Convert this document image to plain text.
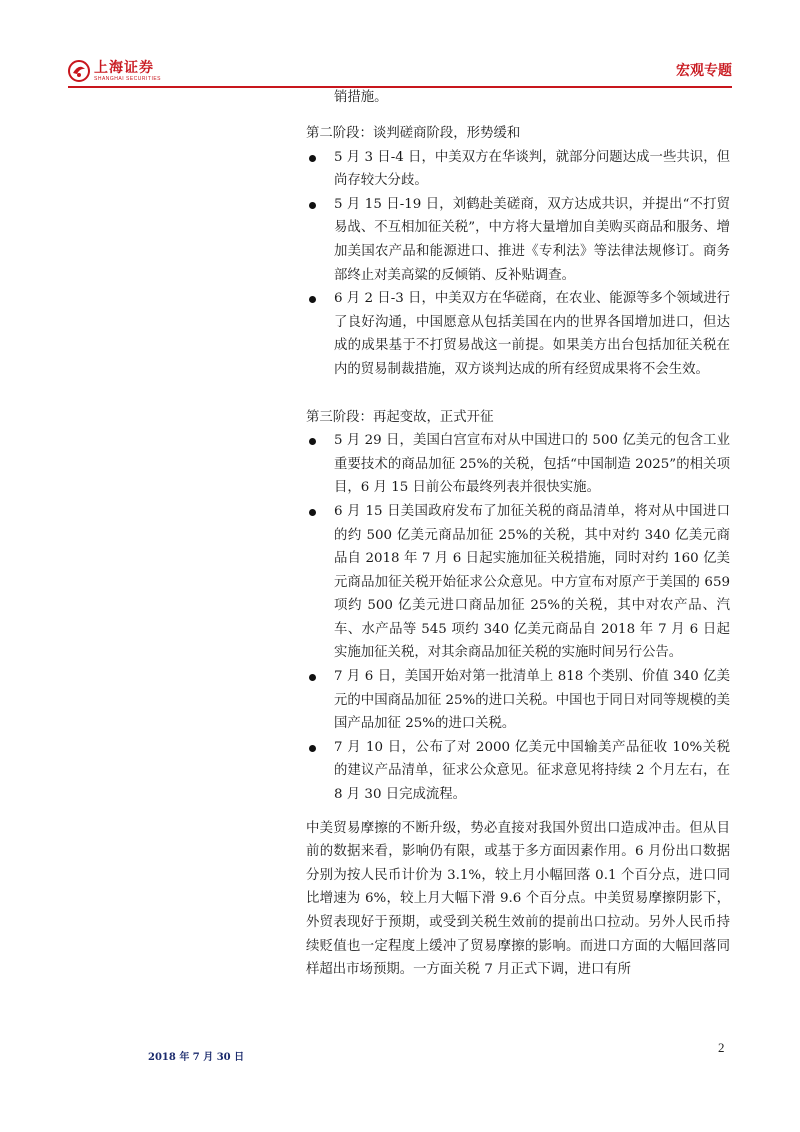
上海证券
SHANGHAI SECURITIES	宏观专题

销措施。

第二阶段：谈判磋商阶段，形势缓和

5 月 3 日-4 日，中美双方在华谈判，就部分问题达成一些共识，但尚存较大分歧。
5 月 15 日-19 日，刘鹤赴美磋商，双方达成共识，并提出“不打贸易战、不互相加征关税”，中方将大量增加自美购买商品和服务、增加美国农产品和能源进口、推进《专利法》等法律法规修订。商务部终止对美高粱的反倾销、反补贴调查。
6 月 2 日-3 日，中美双方在华磋商，在农业、能源等多个领域进行了良好沟通，中国愿意从包括美国在内的世界各国增加进口，但达成的成果基于不打贸易战这一前提。如果美方出台包括加征关税在内的贸易制裁措施，双方谈判达成的所有经贸成果将不会生效。

第三阶段：再起变故，正式开征

5 月 29 日，美国白宫宣布对从中国进口的 500 亿美元的包含工业重要技术的商品加征 25%的关税，包括“中国制造 2025”的相关项目，6 月 15 日前公布最终列表并很快实施。
6 月 15 日美国政府发布了加征关税的商品清单，将对从中国进口的约 500 亿美元商品加征 25%的关税，其中对约 340 亿美元商品自 2018 年 7 月 6 日起实施加征关税措施，同时对约 160 亿美元商品加征关税开始征求公众意见。中方宣布对原产于美国的 659 项约 500 亿美元进口商品加征 25%的关税，其中对农产品、汽车、水产品等 545 项约 340 亿美元商品自 2018 年 7 月 6 日起实施加征关税，对其余商品加征关税的实施时间另行公告。
7 月 6 日，美国开始对第一批清单上 818 个类别、价值 340 亿美元的中国商品加征 25%的进口关税。中国也于同日对同等规模的美国产品加征 25%的进口关税。
7 月 10 日，公布了对 2000 亿美元中国输美产品征收 10%关税的建议产品清单，征求公众意见。征求意见将持续 2 个月左右，在 8 月 30 日完成流程。

中美贸易摩擦的不断升级，势必直接对我国外贸出口造成冲击。但从目前的数据来看，影响仍有限，或基于多方面因素作用。6 月份出口数据分别为按人民币计价为 3.1%，较上月小幅回落 0.1 个百分点，进口同比增速为 6%，较上月大幅下滑 9.6 个百分点。中美贸易摩擦阴影下，外贸表现好于预期，或受到关税生效前的提前出口拉动。另外人民币持续贬值也一定程度上缓冲了贸易摩擦的影响。而进口方面的大幅回落同样超出市场预期。一方面关税 7 月正式下调，进口有所

2018 年 7 月 30 日
2
